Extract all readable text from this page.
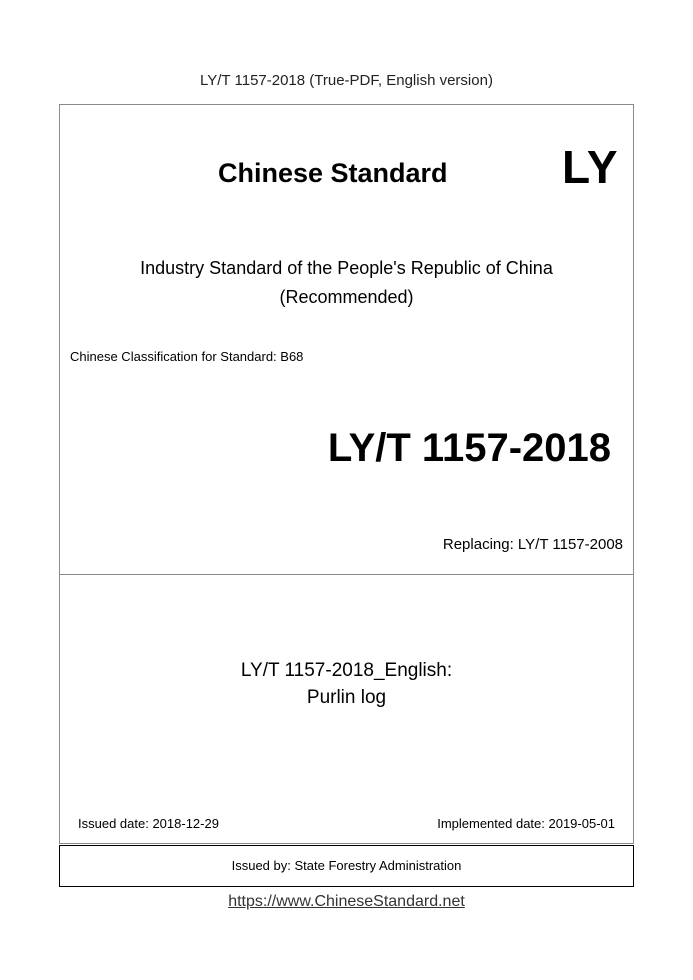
LY/T 1157-2018 (True-PDF, English version)
Chinese Standard LY
Industry Standard of the People's Republic of China
(Recommended)
Chinese Classification for Standard: B68
LY/T 1157-2018
Replacing: LY/T 1157-2008
LY/T 1157-2018_English:
Purlin log
Issued date: 2018-12-29	Implemented date: 2019-05-01
Issued by: State Forestry Administration
https://www.ChineseStandard.net
